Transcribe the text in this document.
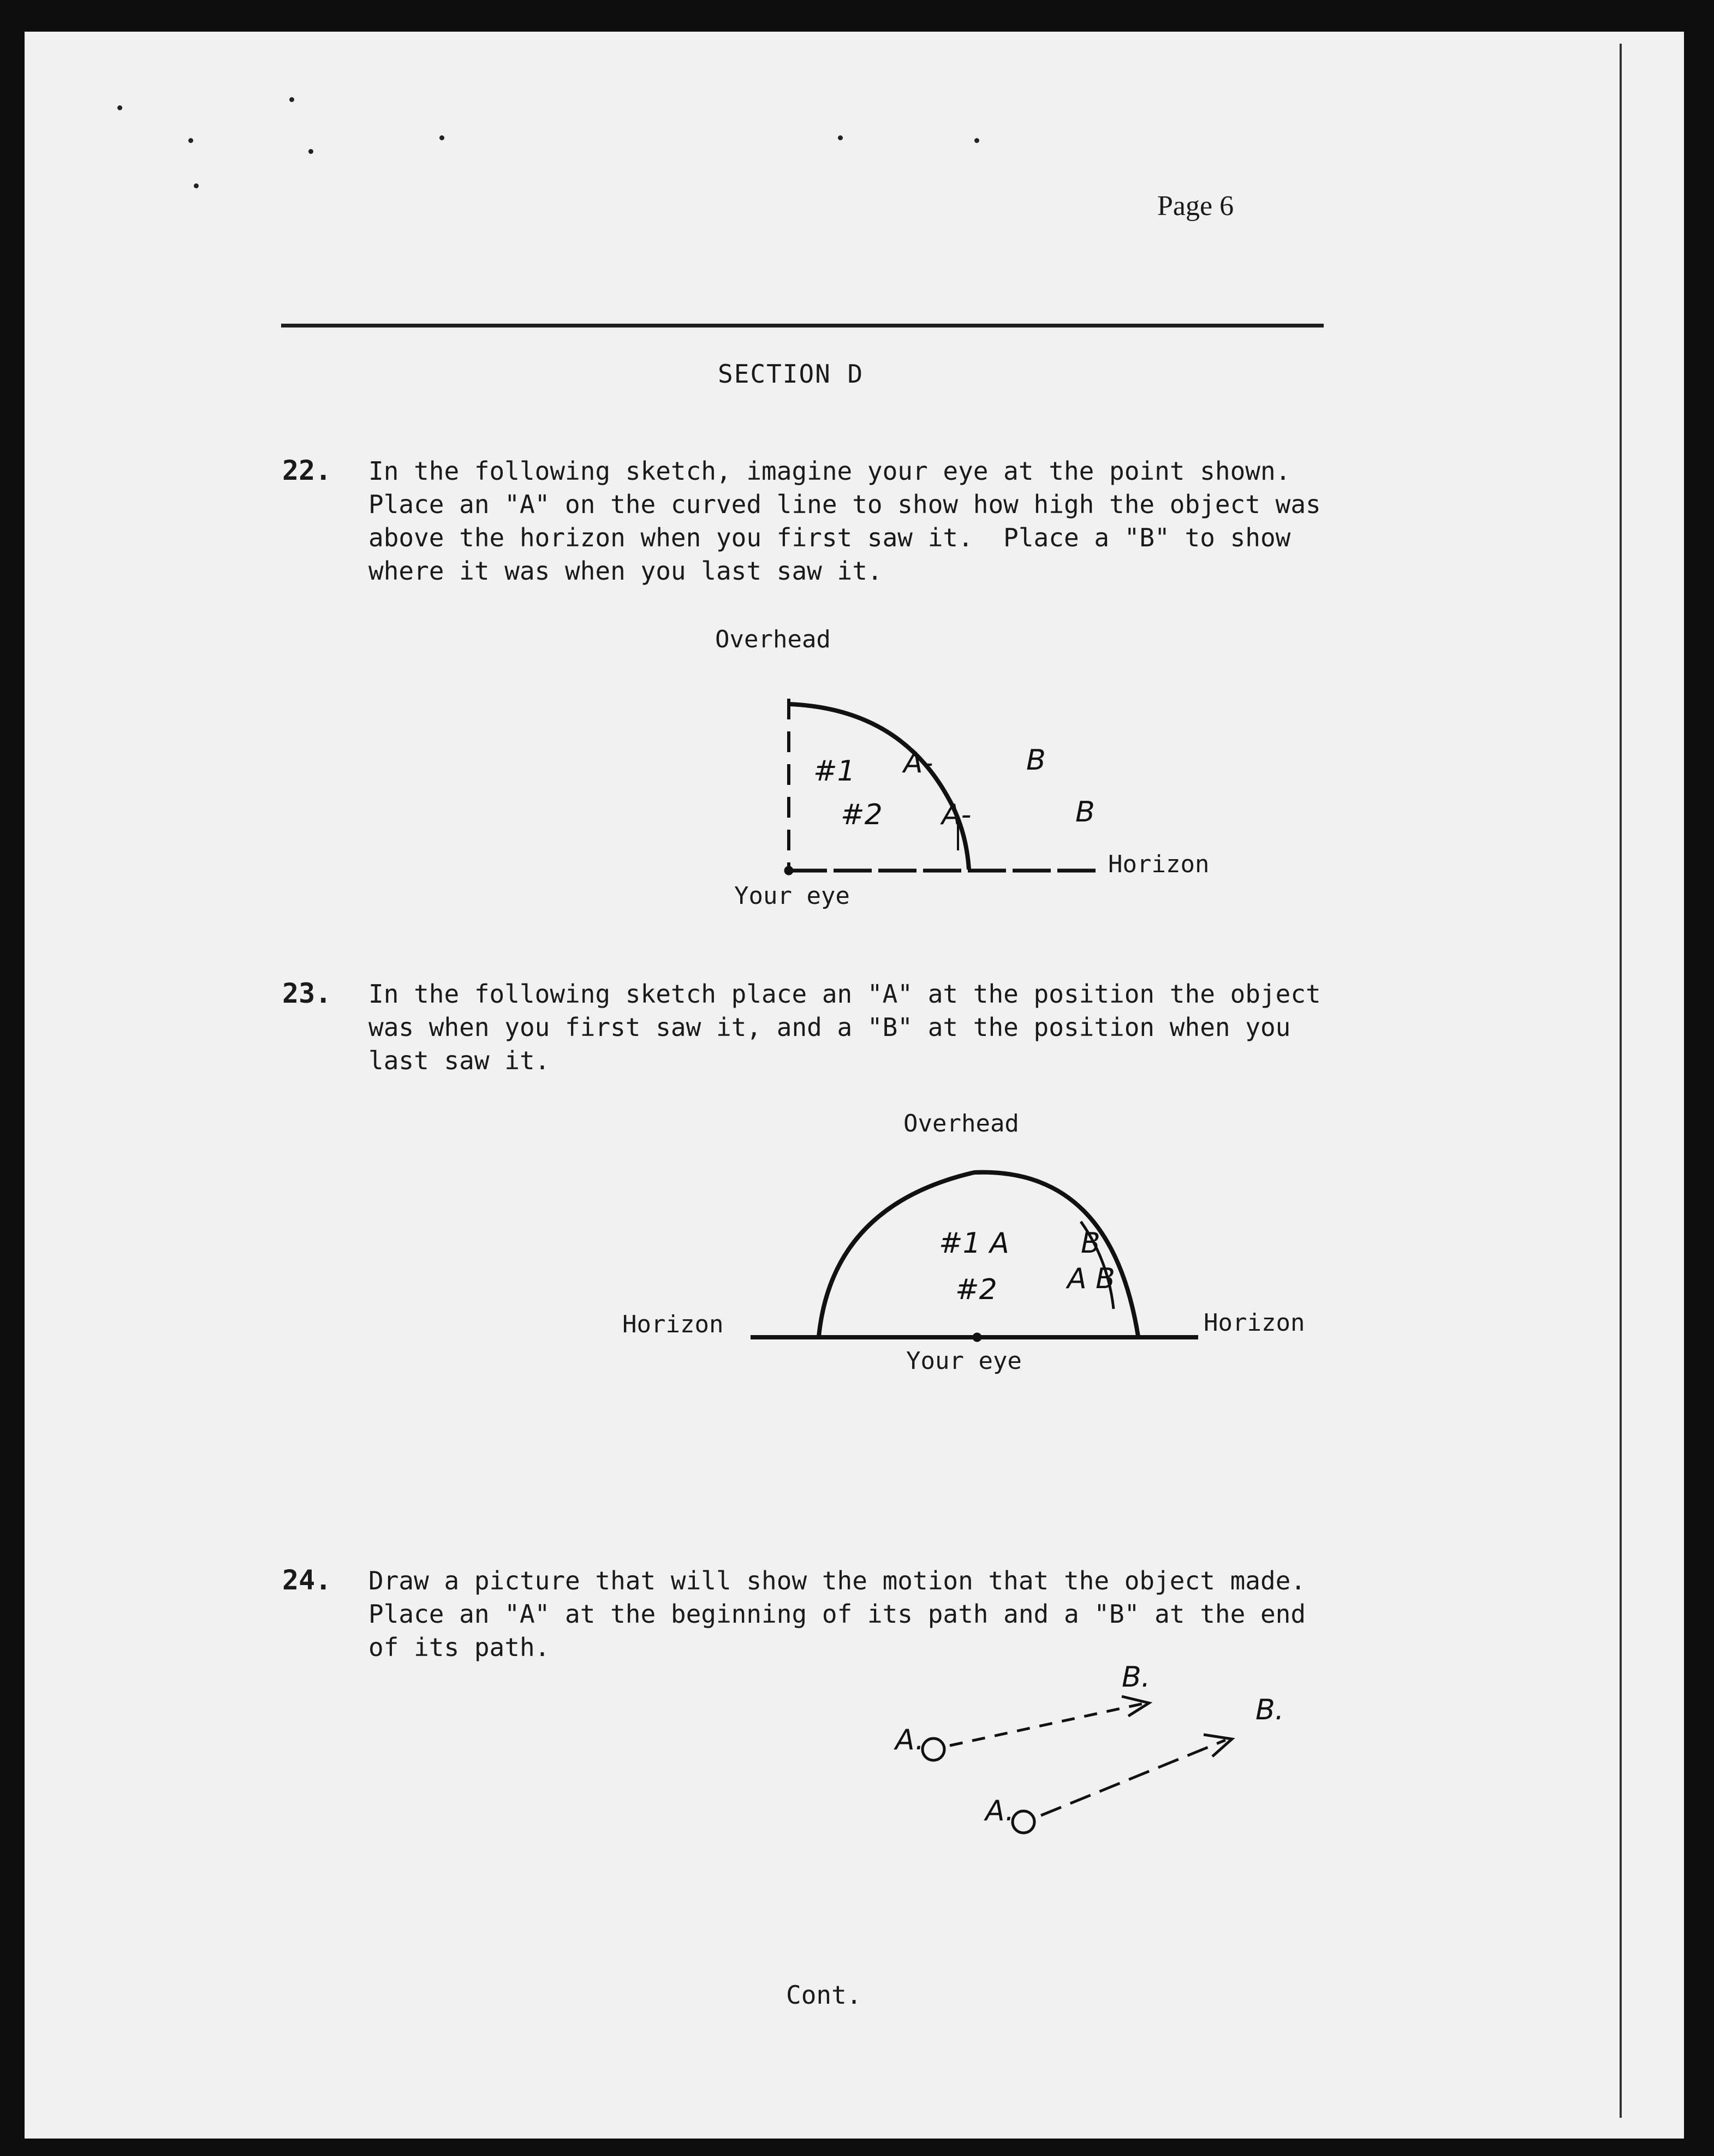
Page 6
SECTION D
22. In the following sketch, imagine your eye at the point shown.
Place an "A" on the curved line to show how high the object was
above the horizon when you first saw it.  Place a "B" to show
where it was when you last saw it.
Overhead
Horizon
Your eye
#1
#2
A-
A-
B
B
23. In the following sketch place an "A" at the position the object
was when you first saw it, and a "B" at the position when you
last saw it.
Overhead
Horizon	Horizon
Your eye
#1 A
#2
B
A B
24. Draw a picture that will show the motion that the object made.
Place an "A" at the beginning of its path and a "B" at the end
of its path.
A.
A.
B.
B.
Cont.
